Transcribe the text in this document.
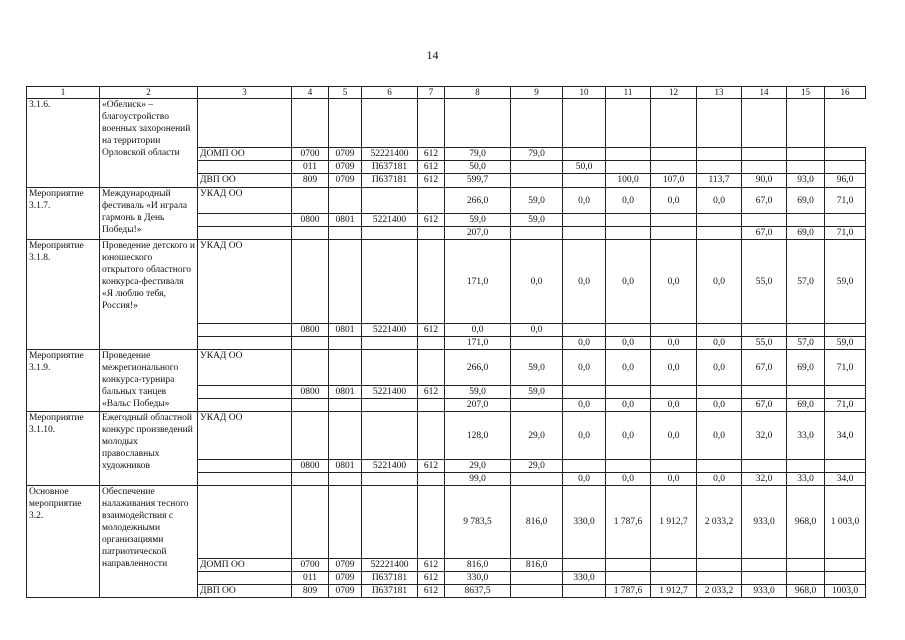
14
1	2	3	4	5	6	7	8	9	10	11	12	13	14	15	16
3.1.6.	«Обелиск» – благоустройство военных захоронений на территории Орловской области														
		ДОМП ОО	0700	0709	52221400	612	79,0	79,0							
			011	0709	П637181	612	50,0		50,0						
		ДВП ОО	809	0709	П637181	612	599,7			100,0	107,0	113,7	90,0	93,0	96,0
Мероприятие 3.1.7.	Международный фестиваль «И играла гармонь в День Победы!»	УКАД ОО					266,0	59,0	0,0	0,0	0,0	0,0	67,0	69,0	71,0
			0800	0801	5221400	612	59,0	59,0							
							207,0						67,0	69,0	71,0
Мероприятие 3.1.8.	Проведение детского и юношеского открытого областного конкурса-фестиваля «Я люблю тебя, Россия!»	УКАД ОО					171,0	0,0	0,0	0,0	0,0	0,0	55,0	57,0	59,0
			0800	0801	5221400	612	0,0	0,0							
							171,0		0,0	0,0	0,0	0,0	55,0	57,0	59,0
Мероприятие 3.1.9.	Проведение межрегионального конкурса-турнира бальных танцев «Вальс Победы»	УКАД ОО					266,0	59,0	0,0	0,0	0,0	0,0	67,0	69,0	71,0
			0800	0801	5221400	612	59,0	59,0							
							207,0		0,0	0,0	0,0	0,0	67,0	69,0	71,0
Мероприятие 3.1.10.	Ежегодный областной конкурс произведений молодых православных художников	УКАД ОО					128,0	29,0	0,0	0,0	0,0	0,0	32,0	33,0	34,0
			0800	0801	5221400	612	29,0	29,0							
							99,0		0,0	0,0	0,0	0,0	32,0	33,0	34,0
Основное мероприятие 3.2.	Обеспечение налаживания тесного взаимодействия с молодежными организациями патриотической направленности						9 783,5	816,0	330,0	1 787,6	1 912,7	2 033,2	933,0	968,0	1 003,0
		ДОМП ОО	0700	0709	52221400	612	816,0	816,0							
			011	0709	П637181	612	330,0		330,0						
		ДВП ОО	809	0709	П637181	612	8637,5			1 787,6	1 912,7	2 033,2	933,0	968,0	1003,0
